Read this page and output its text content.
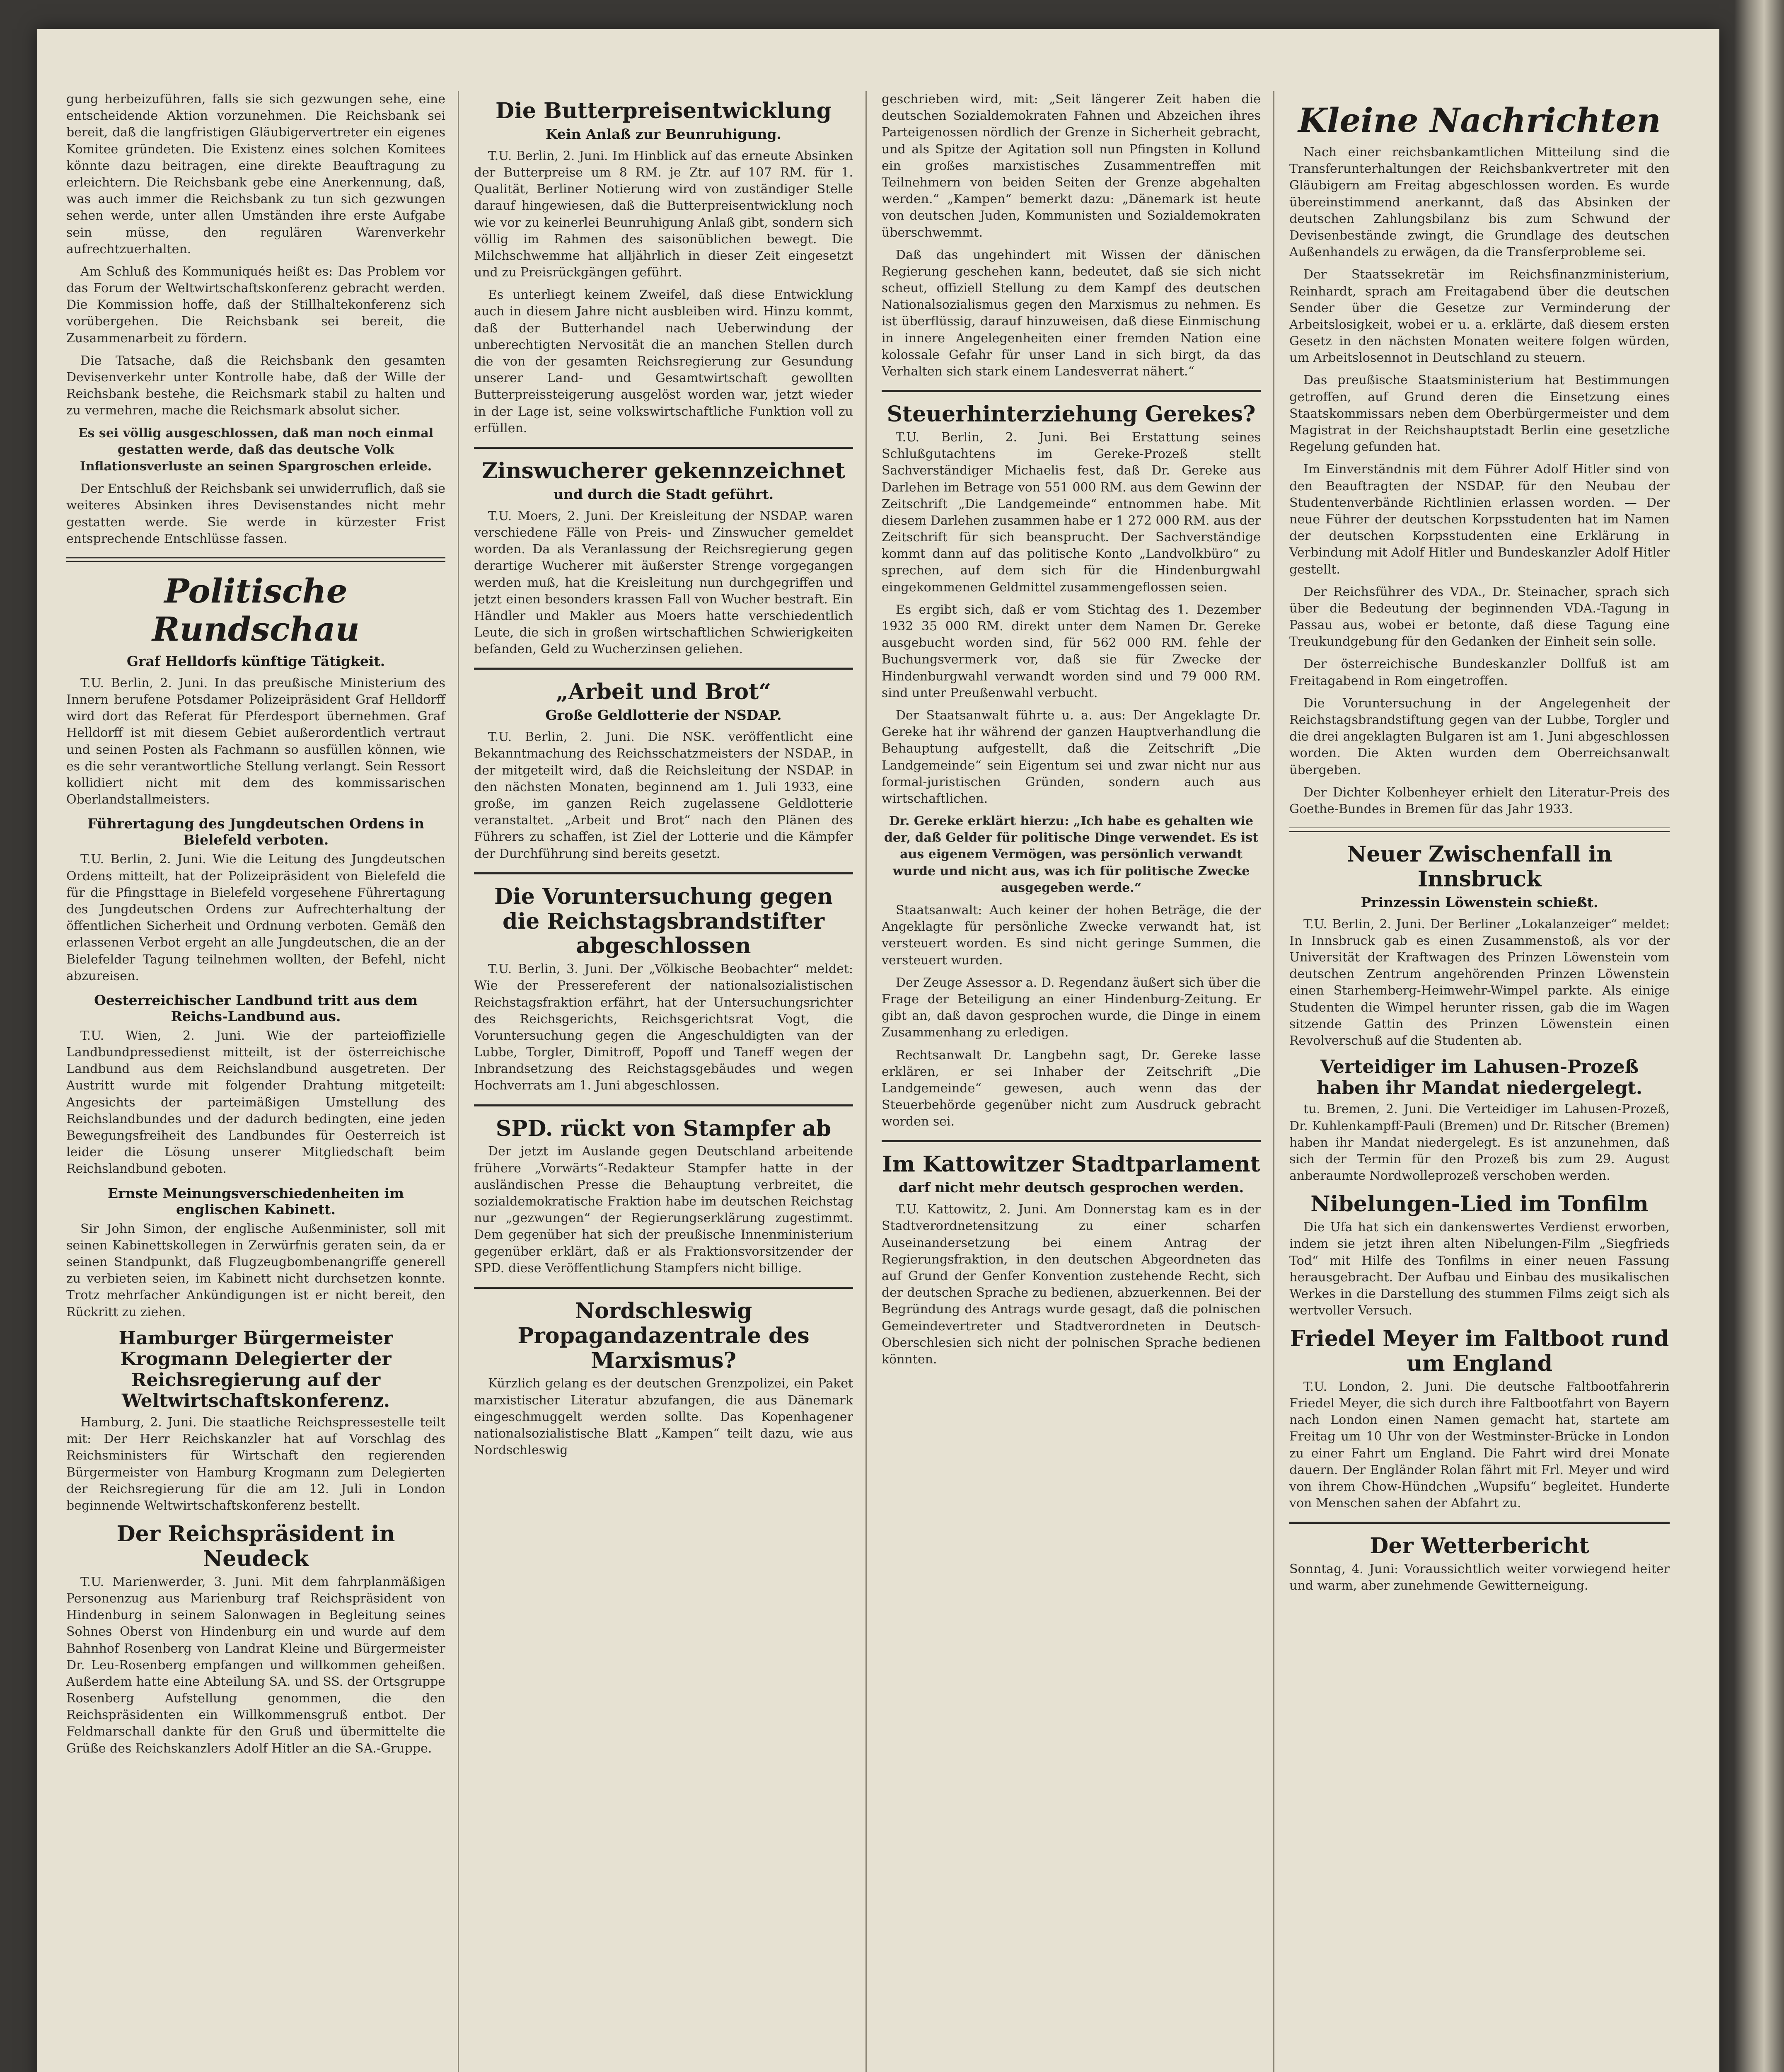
gung herbeizuführen, falls sie sich gezwungen sehe, eine entscheidende Aktion vorzunehmen. Die Reichsbank sei bereit, daß die langfristigen Gläubigervertreter ein eigenes Komitee gründeten. Die Existenz eines solchen Komitees könnte dazu beitragen, eine direkte Beauftragung zu erleichtern. Die Reichsbank gebe eine Anerkennung, daß, was auch immer die Reichsbank zu tun sich gezwungen sehen werde, unter allen Umständen ihre erste Aufgabe sein müsse, den regulären Warenverkehr aufrechtzuerhalten.

Am Schluß des Kommuniqués heißt es: Das Problem vor das Forum der Weltwirtschaftskonferenz gebracht werden. Die Kommission hoffe, daß der Stillhaltekonferenz sich vorübergehen. Die Reichsbank sei bereit, die Zusammenarbeit zu fördern.

Die Tatsache, daß die Reichsbank den gesamten Devisenverkehr unter Kontrolle habe, daß der Wille der Reichsbank bestehe, die Reichsmark stabil zu halten und zu vermehren, mache die Reichsmark absolut sicher.

Es sei völlig ausgeschlossen, daß man noch einmal gestatten werde, daß das deutsche Volk Inflationsverluste an seinen Spargroschen erleide.

Der Entschluß der Reichsbank sei unwiderruflich, daß sie weiteres Absinken ihres Devisenstandes nicht mehr gestatten werde. Sie werde in kürzester Frist entsprechende Entschlüsse fassen.

Politische Rundschau
Graf Helldorfs künftige Tätigkeit.

T.U. Berlin, 2. Juni. In das preußische Ministerium des Innern berufene Potsdamer Polizeipräsident Graf Helldorff wird dort das Referat für Pferdesport übernehmen. Graf Helldorff ist mit diesem Gebiet außerordentlich vertraut und seinen Posten als Fachmann so ausfüllen können, wie es die sehr verantwortliche Stellung verlangt. Sein Ressort kollidiert nicht mit dem des kommissarischen Oberlandstallmeisters.

Führertagung des Jungdeutschen Ordens in Bielefeld verboten.

T.U. Berlin, 2. Juni. Wie die Leitung des Jungdeutschen Ordens mitteilt, hat der Polizeipräsident von Bielefeld die für die Pfingsttage in Bielefeld vorgesehene Führertagung des Jungdeutschen Ordens zur Aufrechterhaltung der öffentlichen Sicherheit und Ordnung verboten. Gemäß den erlassenen Verbot ergeht an alle Jungdeutschen, die an der Bielefelder Tagung teilnehmen wollten, der Befehl, nicht abzureisen.

Oesterreichischer Landbund tritt aus dem Reichs-Landbund aus.

T.U. Wien, 2. Juni. Wie der parteioffizielle Landbundpressedienst mitteilt, ist der österreichische Landbund aus dem Reichslandbund ausgetreten. Der Austritt wurde mit folgender Drahtung mitgeteilt: Angesichts der parteimäßigen Umstellung des Reichslandbundes und der dadurch bedingten, eine jeden Bewegungsfreiheit des Landbundes für Oesterreich ist leider die Lösung unserer Mitgliedschaft beim Reichslandbund geboten.

Ernste Meinungsverschiedenheiten im englischen Kabinett.

Sir John Simon, der englische Außenminister, soll mit seinen Kabinettskollegen in Zerwürfnis geraten sein, da er seinen Standpunkt, daß Flugzeugbombenangriffe generell zu verbieten seien, im Kabinett nicht durchsetzen konnte. Trotz mehrfacher Ankündigungen ist er nicht bereit, den Rückritt zu ziehen.

Hamburger Bürgermeister Krogmann Delegierter der Reichsregierung auf der Weltwirtschaftskonferenz.

Hamburg, 2. Juni. Die staatliche Reichspressestelle teilt mit: Der Herr Reichskanzler hat auf Vorschlag des Reichsministers für Wirtschaft den regierenden Bürgermeister von Hamburg Krogmann zum Delegierten der Reichsregierung für die am 12. Juli in London beginnende Weltwirtschaftskonferenz bestellt.

Der Reichspräsident in Neudeck

T.U. Marienwerder, 3. Juni. Mit dem fahrplanmäßigen Personenzug aus Marienburg traf Reichspräsident von Hindenburg in seinem Salonwagen in Begleitung seines Sohnes Oberst von Hindenburg ein und wurde auf dem Bahnhof Rosenberg von Landrat Kleine und Bürgermeister Dr. Leu-Rosenberg empfangen und willkommen geheißen. Außerdem hatte eine Abteilung SA. und SS. der Ortsgruppe Rosenberg Aufstellung genommen, die den Reichspräsidenten ein Willkommensgruß entbot. Der Feldmarschall dankte für den Gruß und übermittelte die Grüße des Reichskanzlers Adolf Hitler an die SA.-Gruppe.

Die Butterpreisentwicklung
Kein Anlaß zur Beunruhigung.

T.U. Berlin, 2. Juni. Im Hinblick auf das erneute Absinken der Butterpreise um 8 RM. je Ztr. auf 107 RM. für 1. Qualität, Berliner Notierung wird von zuständiger Stelle darauf hingewiesen, daß die Butterpreisentwicklung noch wie vor zu keinerlei Beunruhigung Anlaß gibt, sondern sich völlig im Rahmen des saisonüblichen bewegt. Die Milchschwemme hat alljährlich in dieser Zeit eingesetzt und zu Preisrückgängen geführt.

Es unterliegt keinem Zweifel, daß diese Entwicklung auch in diesem Jahre nicht ausbleiben wird. Hinzu kommt, daß der Butterhandel nach Ueberwindung der unberechtigten Nervosität die an manchen Stellen durch die von der gesamten Reichsregierung zur Gesundung unserer Land- und Gesamtwirtschaft gewollten Butterpreissteigerung ausgelöst worden war, jetzt wieder in der Lage ist, seine volkswirtschaftliche Funktion voll zu erfüllen.

Zinswucherer gekennzeichnet
und durch die Stadt geführt.

T.U. Moers, 2. Juni. Der Kreisleitung der NSDAP. waren verschiedene Fälle von Preis- und Zinswucher gemeldet worden. Da als Veranlassung der Reichsregierung gegen derartige Wucherer mit äußerster Strenge vorgegangen werden muß, hat die Kreisleitung nun durchgegriffen und jetzt einen besonders krassen Fall von Wucher bestraft. Ein Händler und Makler aus Moers hatte verschiedentlich Leute, die sich in großen wirtschaftlichen Schwierigkeiten befanden, Geld zu Wucherzinsen geliehen.

„Arbeit und Brot“
Große Geldlotterie der NSDAP.

T.U. Berlin, 2. Juni. Die NSK. veröffentlicht eine Bekanntmachung des Reichsschatzmeisters der NSDAP., in der mitgeteilt wird, daß die Reichsleitung der NSDAP. in den nächsten Monaten, beginnend am 1. Juli 1933, eine große, im ganzen Reich zugelassene Geldlotterie veranstaltet. „Arbeit und Brot“ nach den Plänen des Führers zu schaffen, ist Ziel der Lotterie und die Kämpfer der Durchführung sind bereits gesetzt.

Die Voruntersuchung gegen die Reichstagsbrandstifter abgeschlossen

T.U. Berlin, 3. Juni. Der „Völkische Beobachter“ meldet: Wie der Pressereferent der nationalsozialistischen Reichstagsfraktion erfährt, hat der Untersuchungsrichter des Reichsgerichts, Reichsgerichtsrat Vogt, die Voruntersuchung gegen die Angeschuldigten van der Lubbe, Torgler, Dimitroff, Popoff und Taneff wegen der Inbrandsetzung des Reichstagsgebäudes und wegen Hochverrats am 1. Juni abgeschlossen.

SPD. rückt von Stampfer ab

Der jetzt im Auslande gegen Deutschland arbeitende frühere „Vorwärts“-Redakteur Stampfer hatte in der ausländischen Presse die Behauptung verbreitet, die sozialdemokratische Fraktion habe im deutschen Reichstag nur „gezwungen“ der Regierungserklärung zugestimmt. Dem gegenüber hat sich der preußische Innenministerium gegenüber erklärt, daß er als Fraktionsvorsitzender der SPD. diese Veröffentlichung Stampfers nicht billige.

Nordschleswig Propagandazentrale des Marxismus?

Kürzlich gelang es der deutschen Grenzpolizei, ein Paket marxistischer Literatur abzufangen, die aus Dänemark eingeschmuggelt werden sollte. Das Kopenhagener nationalsozialistische Blatt „Kampen“ teilt dazu, wie aus Nordschleswig

geschrieben wird, mit: „Seit längerer Zeit haben die deutschen Sozialdemokraten Fahnen und Abzeichen ihres Parteigenossen nördlich der Grenze in Sicherheit gebracht, und als Spitze der Agitation soll nun Pfingsten in Kollund ein großes marxistisches Zusammentreffen mit Teilnehmern von beiden Seiten der Grenze abgehalten werden.“ „Kampen“ bemerkt dazu: „Dänemark ist heute von deutschen Juden, Kommunisten und Sozialdemokraten überschwemmt.

Daß das ungehindert mit Wissen der dänischen Regierung geschehen kann, bedeutet, daß sie sich nicht scheut, offiziell Stellung zu dem Kampf des deutschen Nationalsozialismus gegen den Marxismus zu nehmen. Es ist überflüssig, darauf hinzuweisen, daß diese Einmischung in innere Angelegenheiten einer fremden Nation eine kolossale Gefahr für unser Land in sich birgt, da das Verhalten sich stark einem Landesverrat nähert.“

Steuerhinterziehung Gerekes?

T.U. Berlin, 2. Juni. Bei Erstattung seines Schlußgutachtens im Gereke-Prozeß stellt Sachverständiger Michaelis fest, daß Dr. Gereke aus Darlehen im Betrage von 551 000 RM. aus dem Gewinn der Zeitschrift „Die Landgemeinde“ entnommen habe. Mit diesem Darlehen zusammen habe er 1 272 000 RM. aus der Zeitschrift für sich beansprucht. Der Sachverständige kommt dann auf das politische Konto „Landvolkbüro“ zu sprechen, auf dem sich für die Hindenburgwahl eingekommenen Geldmittel zusammengeflossen seien.

Es ergibt sich, daß er vom Stichtag des 1. Dezember 1932 35 000 RM. direkt unter dem Namen Dr. Gereke ausgebucht worden sind, für 562 000 RM. fehle der Buchungsvermerk vor, daß sie für Zwecke der Hindenburgwahl verwandt worden sind und 79 000 RM. sind unter Preußenwahl verbucht.

Der Staatsanwalt führte u. a. aus: Der Angeklagte Dr. Gereke hat ihr während der ganzen Hauptverhandlung die Behauptung aufgestellt, daß die Zeitschrift „Die Landgemeinde“ sein Eigentum sei und zwar nicht nur aus formal-juristischen Gründen, sondern auch aus wirtschaftlichen.

Dr. Gereke erklärt hierzu: „Ich habe es gehalten wie der, daß Gelder für politische Dinge verwendet. Es ist aus eigenem Vermögen, was persönlich verwandt wurde und nicht aus, was ich für politische Zwecke ausgegeben werde.“

Staatsanwalt: Auch keiner der hohen Beträge, die der Angeklagte für persönliche Zwecke verwandt hat, ist versteuert worden. Es sind nicht geringe Summen, die versteuert wurden.

Der Zeuge Assessor a. D. Regendanz äußert sich über die Frage der Beteiligung an einer Hindenburg-Zeitung. Er gibt an, daß davon gesprochen wurde, die Dinge in einem Zusammenhang zu erledigen.

Rechtsanwalt Dr. Langbehn sagt, Dr. Gereke lasse erklären, er sei Inhaber der Zeitschrift „Die Landgemeinde“ gewesen, auch wenn das der Steuerbehörde gegenüber nicht zum Ausdruck gebracht worden sei.

Im Kattowitzer Stadtparlament
darf nicht mehr deutsch gesprochen werden.

T.U. Kattowitz, 2. Juni. Am Donnerstag kam es in der Stadtverordnetensitzung zu einer scharfen Auseinandersetzung bei einem Antrag der Regierungsfraktion, in den deutschen Abgeordneten das auf Grund der Genfer Konvention zustehende Recht, sich der deutschen Sprache zu bedienen, abzuerkennen. Bei der Begründung des Antrags wurde gesagt, daß die polnischen Gemeindevertreter und Stadtverordneten in Deutsch-Oberschlesien sich nicht der polnischen Sprache bedienen könnten.

Kleine Nachrichten

Nach einer reichsbankamtlichen Mitteilung sind die Transferunterhaltungen der Reichsbankvertreter mit den Gläubigern am Freitag abgeschlossen worden. Es wurde übereinstimmend anerkannt, daß das Absinken der deutschen Zahlungsbilanz bis zum Schwund der Devisenbestände zwingt, die Grundlage des deutschen Außenhandels zu erwägen, da die Transferprobleme sei.

Der Staatssekretär im Reichsfinanzministerium, Reinhardt, sprach am Freitagabend über die deutschen Sender über die Gesetze zur Verminderung der Arbeitslosigkeit, wobei er u. a. erklärte, daß diesem ersten Gesetz in den nächsten Monaten weitere folgen würden, um Arbeitslosennot in Deutschland zu steuern.

Das preußische Staatsministerium hat Bestimmungen getroffen, auf Grund deren die Einsetzung eines Staatskommissars neben dem Oberbürgermeister und dem Magistrat in der Reichshauptstadt Berlin eine gesetzliche Regelung gefunden hat.

Im Einverständnis mit dem Führer Adolf Hitler sind von den Beauftragten der NSDAP. für den Neubau der Studentenverbände Richtlinien erlassen worden. — Der neue Führer der deutschen Korpsstudenten hat im Namen der deutschen Korpsstudenten eine Erklärung in Verbindung mit Adolf Hitler und Bundeskanzler Adolf Hitler gestellt.

Der Reichsführer des VDA., Dr. Steinacher, sprach sich über die Bedeutung der beginnenden VDA.-Tagung in Passau aus, wobei er betonte, daß diese Tagung eine Treukundgebung für den Gedanken der Einheit sein solle.

Der österreichische Bundeskanzler Dollfuß ist am Freitagabend in Rom eingetroffen.

Die Voruntersuchung in der Angelegenheit der Reichstagsbrandstiftung gegen van der Lubbe, Torgler und die drei angeklagten Bulgaren ist am 1. Juni abgeschlossen worden. Die Akten wurden dem Oberreichsanwalt übergeben.

Der Dichter Kolbenheyer erhielt den Literatur-Preis des Goethe-Bundes in Bremen für das Jahr 1933.

Neuer Zwischenfall in Innsbruck
Prinzessin Löwenstein schießt.

T.U. Berlin, 2. Juni. Der Berliner „Lokalanzeiger“ meldet: In Innsbruck gab es einen Zusammenstoß, als vor der Universität der Kraftwagen des Prinzen Löwenstein vom deutschen Zentrum angehörenden Prinzen Löwenstein einen Starhemberg-Heimwehr-Wimpel parkte. Als einige Studenten die Wimpel herunter rissen, gab die im Wagen sitzende Gattin des Prinzen Löwenstein einen Revolverschuß auf die Studenten ab.

Verteidiger im Lahusen-Prozeß haben ihr Mandat niedergelegt.

tu. Bremen, 2. Juni. Die Verteidiger im Lahusen-Prozeß, Dr. Kuhlenkampff-Pauli (Bremen) und Dr. Ritscher (Bremen) haben ihr Mandat niedergelegt. Es ist anzunehmen, daß sich der Termin für den Prozeß bis zum 29. August anberaumte Nordwolleprozeß verschoben werden.

Nibelungen-Lied im Tonfilm

Die Ufa hat sich ein dankenswertes Verdienst erworben, indem sie jetzt ihren alten Nibelungen-Film „Siegfrieds Tod“ mit Hilfe des Tonfilms in einer neuen Fassung herausgebracht. Der Aufbau und Einbau des musikalischen Werkes in die Darstellung des stummen Films zeigt sich als wertvoller Versuch.

Friedel Meyer im Faltboot rund um England

T.U. London, 2. Juni. Die deutsche Faltbootfahrerin Friedel Meyer, die sich durch ihre Faltbootfahrt von Bayern nach London einen Namen gemacht hat, startete am Freitag um 10 Uhr von der Westminster-Brücke in London zu einer Fahrt um England. Die Fahrt wird drei Monate dauern. Der Engländer Rolan fährt mit Frl. Meyer und wird von ihrem Chow-Hündchen „Wupsifu“ begleitet. Hunderte von Menschen sahen der Abfahrt zu.

Der Wetterbericht

Sonntag, 4. Juni: Voraussichtlich weiter vorwiegend heiter und warm, aber zunehmende Gewitterneigung.
